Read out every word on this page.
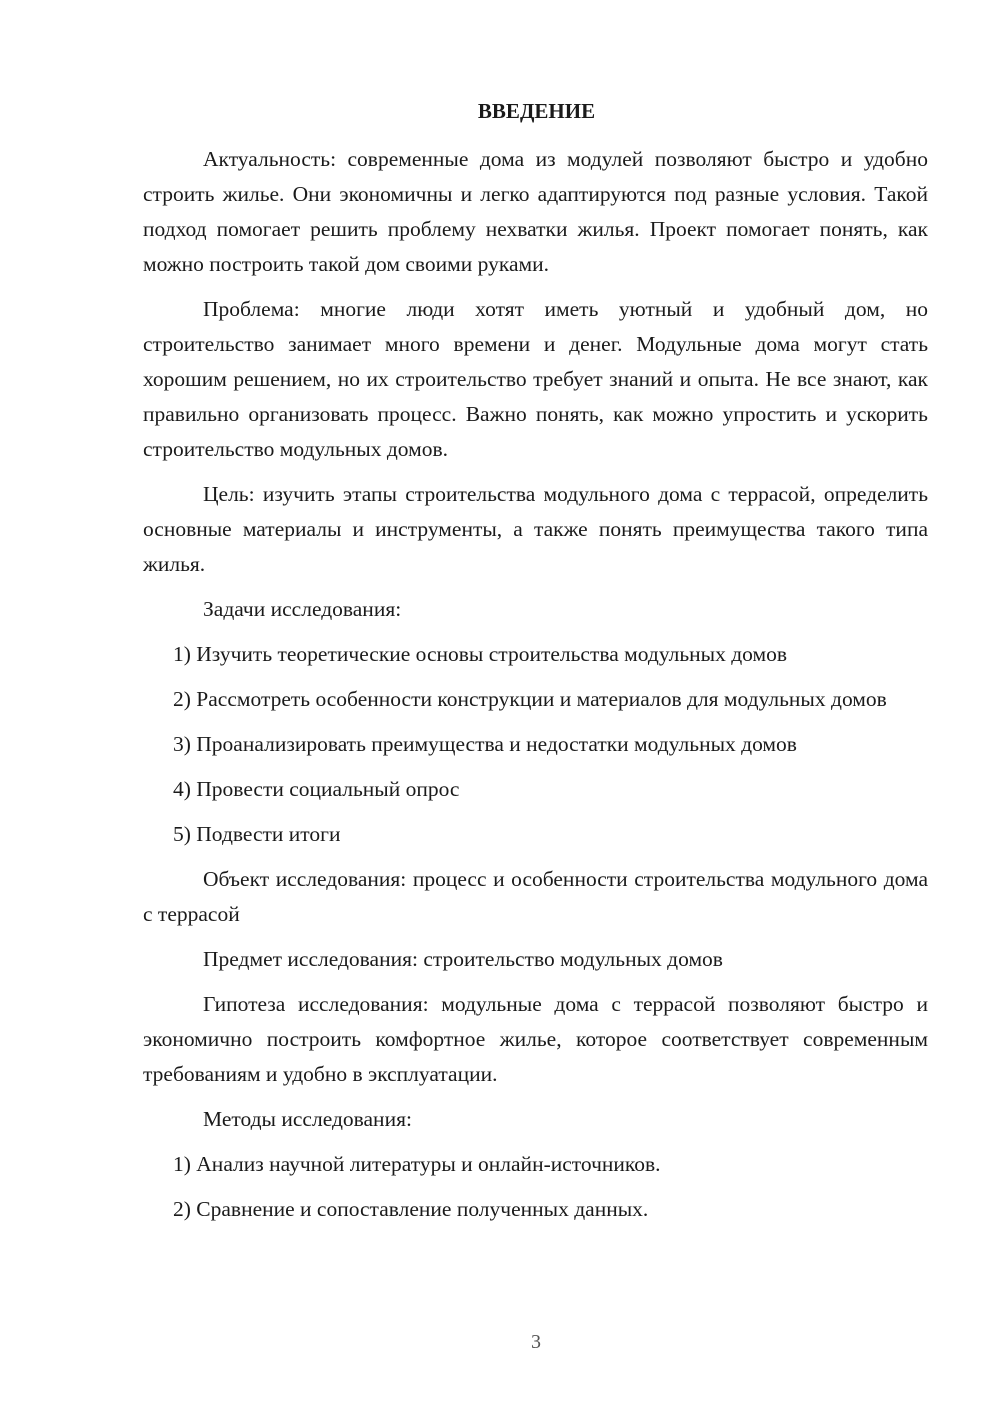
ВВЕДЕНИЕ

Актуальность: современные дома из модулей позволяют быстро и удобно строить жилье. Они экономичны и легко адаптируются под разные условия. Такой подход помогает решить проблему нехватки жилья. Проект помогает понять, как можно построить такой дом своими руками.

Проблема: многие люди хотят иметь уютный и удобный дом, но строительство занимает много времени и денег. Модульные дома могут стать хорошим решением, но их строительство требует знаний и опыта. Не все знают, как правильно организовать процесс. Важно понять, как можно упростить и ускорить строительство модульных домов.

Цель: изучить этапы строительства модульного дома с террасой, определить основные материалы и инструменты, а также понять преимущества такого типа жилья.

Задачи исследования:

1) Изучить теоретические основы строительства модульных домов

2) Рассмотреть особенности конструкции и материалов для модульных домов

3) Проанализировать преимущества и недостатки модульных домов

4) Провести социальный опрос

5) Подвести итоги

Объект исследования: процесс и особенности строительства модульного дома с террасой

Предмет исследования: строительство модульных домов

Гипотеза исследования: модульные дома с террасой позволяют быстро и экономично построить комфортное жилье, которое соответствует современным требованиям и удобно в эксплуатации.

Методы исследования:

1) Анализ научной литературы и онлайн-источников.

2) Сравнение и сопоставление полученных данных.

3
